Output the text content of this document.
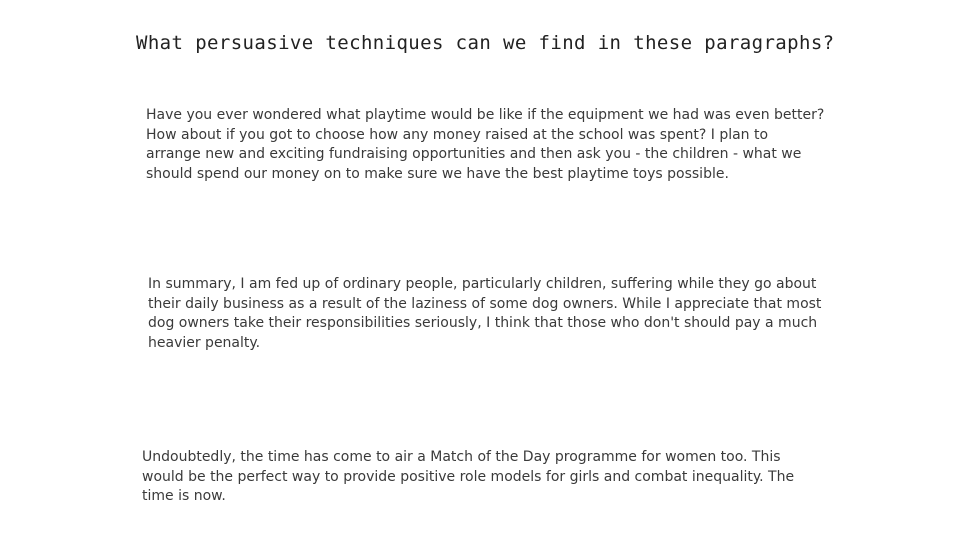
What persuasive techniques can we find in these paragraphs?
Have you ever wondered what playtime would be like if the equipment we had was even better? How about if you got to choose how any money raised at the school was spent? I plan to arrange new and exciting fundraising opportunities and then ask you - the children - what we should spend our money on to make sure we have the best playtime toys possible.
In summary, I am fed up of ordinary people, particularly children, suffering while they go about their daily business as a result of the laziness of some dog owners. While I appreciate that most dog owners take their responsibilities seriously, I think that those who don't should pay a much heavier penalty.
Undoubtedly, the time has come to air a Match of the Day programme for women too. This would be the perfect way to provide positive role models for girls and combat inequality. The time is now.
